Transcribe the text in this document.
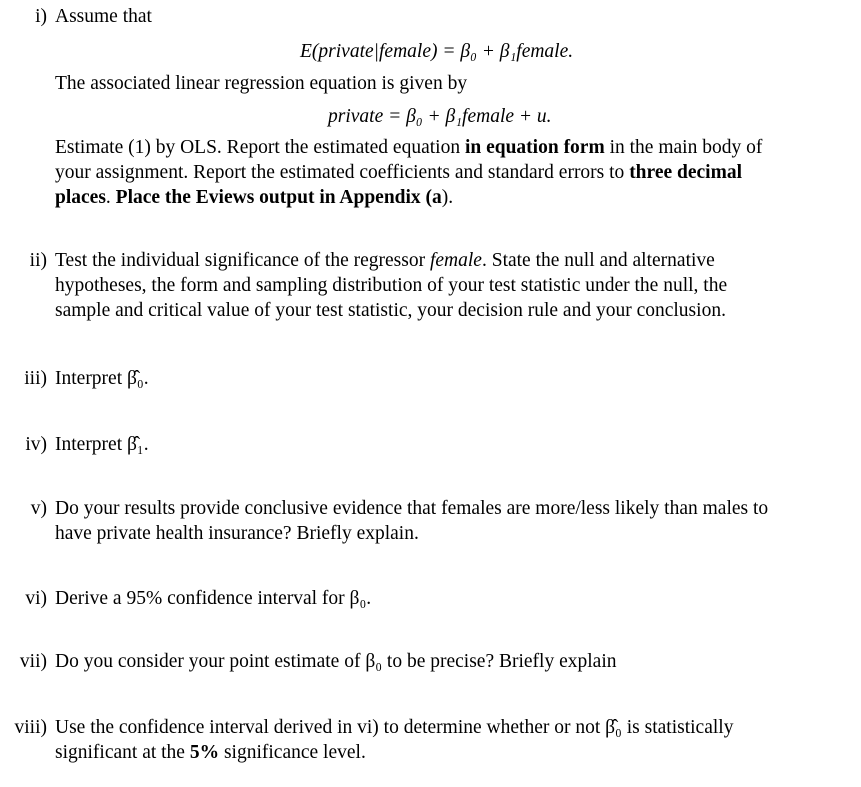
i) Assume that
E(private|female) = β₀ + β₁female.
The associated linear regression equation is given by
private = β₀ + β₁female + u.
Estimate (1) by OLS. Report the estimated equation in equation form in the main body of
your assignment. Report the estimated coefficients and standard errors to three decimal
places. Place the Eviews output in Appendix (a).
ii) Test the individual significance of the regressor female. State the null and alternative
hypotheses, the form and sampling distribution of your test statistic under the null, the
sample and critical value of your test statistic, your decision rule and your conclusion.
iii) Interpret β̂₀.
iv) Interpret β̂₁.
v) Do your results provide conclusive evidence that females are more/less likely than males to
have private health insurance? Briefly explain.
vi) Derive a 95% confidence interval for β₀.
vii) Do you consider your point estimate of β₀ to be precise? Briefly explain
viii) Use the confidence interval derived in vi) to determine whether or not β̂₀ is statistically
significant at the 5% significance level.
